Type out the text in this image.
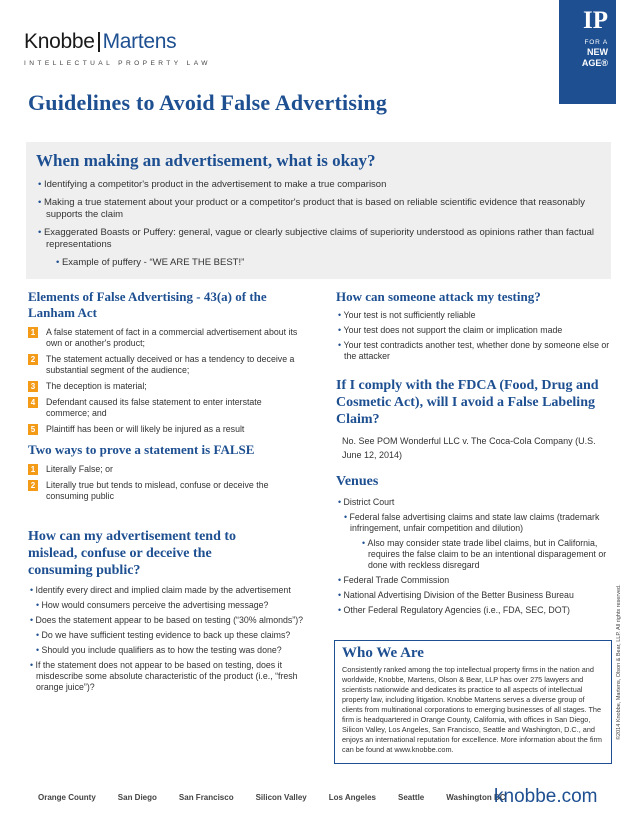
Knobbe Martens
INTELLECTUAL PROPERTY LAW
IP
FOR A
NEW
AGE®
Guidelines to Avoid False Advertising
When making an advertisement, what is okay?
• Identifying a competitor's product in the advertisement to make a true comparison
• Making a true statement about your product or a competitor's product that is based on reliable scientific evidence that reasonably supports the claim
• Exaggerated Boasts or Puffery: general, vague or clearly subjective claims of superiority understood as opinions rather than factual representations
• Example of puffery - “WE ARE THE BEST!”
Elements of False Advertising - 43(a) of the Lanham Act
1	A false statement of fact in a commercial advertisement about its own or another's product;
2	The statement actually deceived or has a tendency to deceive a substantial segment of the audience;
3	The deception is material;
4	Defendant caused its false statement to enter interstate commerce; and
5	Plaintiff has been or will likely be injured as a result
Two ways to prove a statement is FALSE
1	Literally False; or
2	Literally true but tends to mislead, confuse or deceive the consuming public
How can my advertisement tend to mislead, confuse or deceive the consuming public?
• Identify every direct and implied claim made by the advertisement
• How would consumers perceive the advertising message?
• Does the statement appear to be based on testing (“30% almonds”)?
• Do we have sufficient testing evidence to back up these claims?
• Should you include qualifiers as to how the testing was done?
• If the statement does not appear to be based on testing, does it misdescribe some absolute characteristic of the product (i.e., “fresh orange juice”)?
How can someone attack my testing?
• Your test is not sufficiently reliable
• Your test does not support the claim or implication made
• Your test contradicts another test, whether done by someone else or the attacker
If I comply with the FDCA (Food, Drug and Cosmetic Act), will I avoid a False Labeling Claim?
No. See POM Wonderful LLC v. The Coca-Cola Company (U.S. June 12, 2014)
Venues
• District Court
• Federal false advertising claims and state law claims (trademark infringement, unfair competition and dilution)
• Also may consider state trade libel claims, but in California, requires the false claim to be an intentional disparagement or done with reckless disregard
• Federal Trade Commission
• National Advertising Division of the Better Business Bureau
• Other Federal Regulatory Agencies (i.e., FDA, SEC, DOT)
Who We Are

Consistently ranked among the top intellectual property firms in the nation and worldwide, Knobbe, Martens, Olson & Bear, LLP has over 275 lawyers and scientists nationwide and dedicates its practice to all aspects of intellectual property law, including litigation. Knobbe Martens serves a diverse group of clients from multinational corporations to emerging businesses of all stages. The firm is headquartered in Orange County, California, with offices in San Diego, Silicon Valley, Los Angeles, San Francisco, Seattle and Washington, D.C., and enjoys an international reputation for excellence. More information about the firm can be found at www.knobbe.com.

©2014 Knobbe, Martens, Olson & Bear, LLP. All rights reserved.
Orange County	San Diego	San Francisco	Silicon Valley	Los Angeles	Seattle	Washington DC
knobbe.com
